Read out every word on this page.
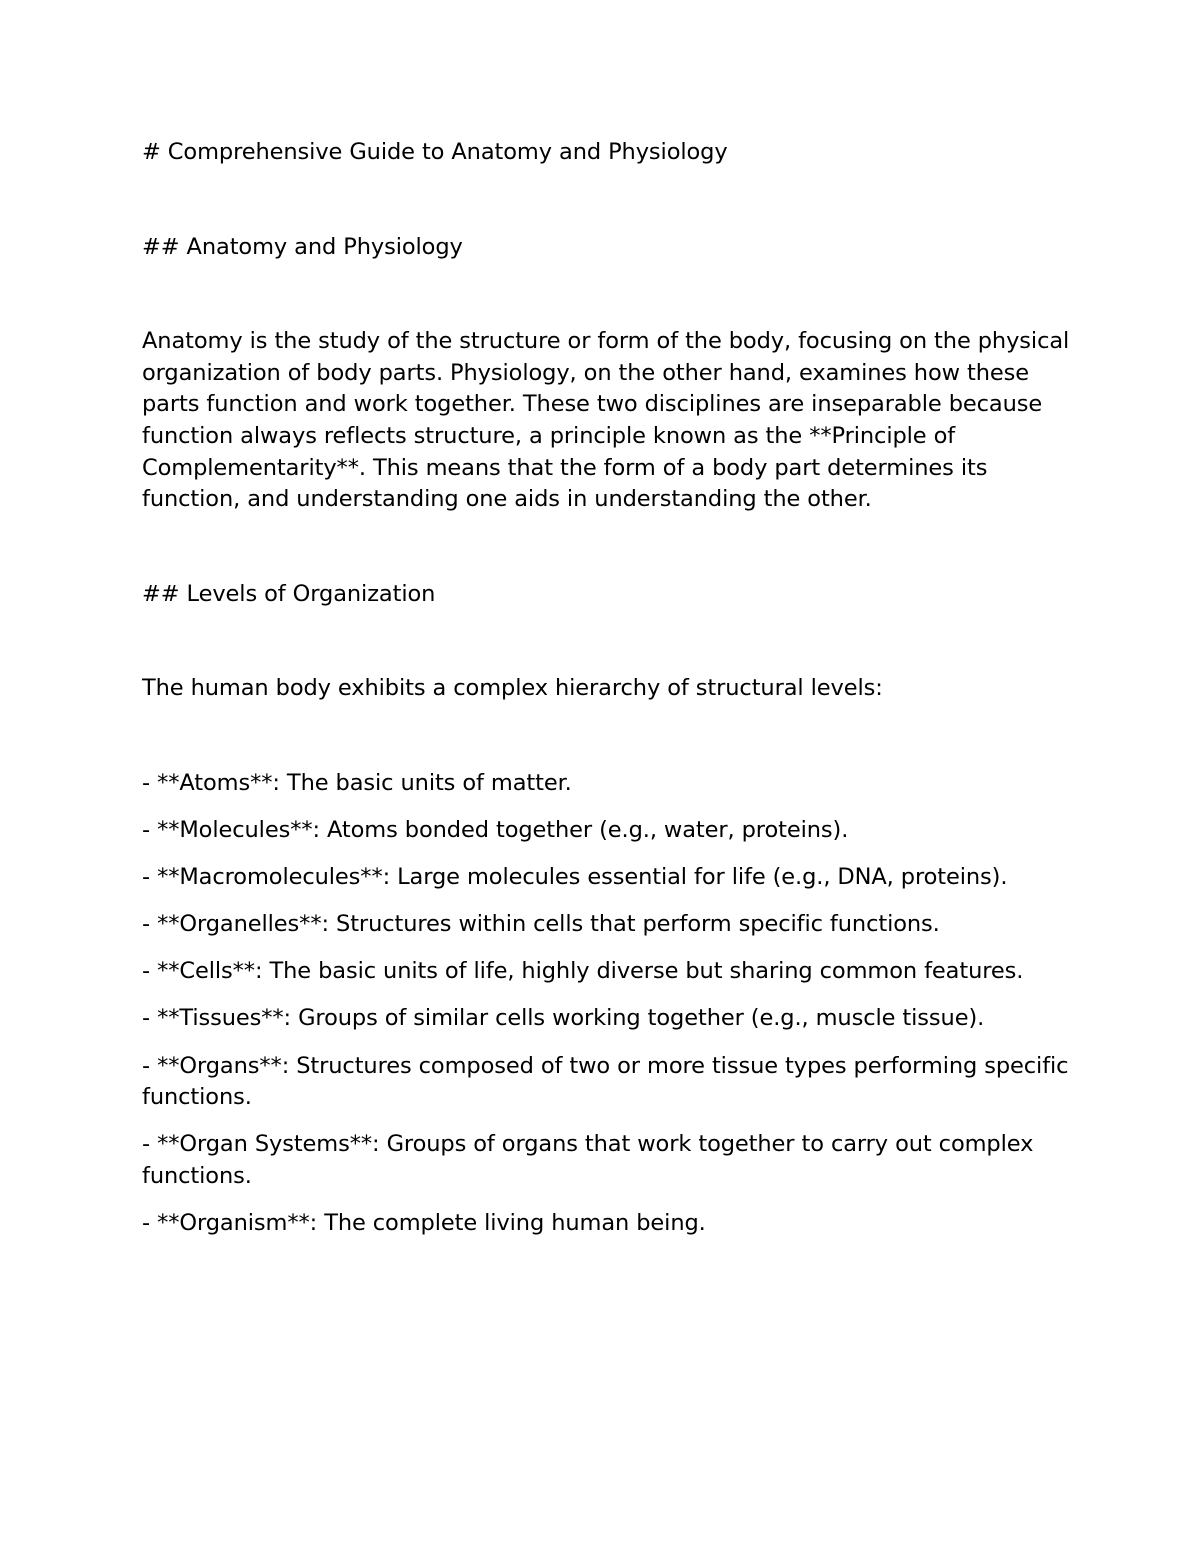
# Comprehensive Guide to Anatomy and Physiology

## Anatomy and Physiology

Anatomy is the study of the structure or form of the body, focusing on the physical organization of body parts. Physiology, on the other hand, examines how these parts function and work together. These two disciplines are inseparable because function always reflects structure, a principle known as the **Principle of Complementarity**. This means that the form of a body part determines its function, and understanding one aids in understanding the other.

## Levels of Organization

The human body exhibits a complex hierarchy of structural levels:

- **Atoms**: The basic units of matter.

- **Molecules**: Atoms bonded together (e.g., water, proteins).

- **Macromolecules**: Large molecules essential for life (e.g., DNA, proteins).

- **Organelles**: Structures within cells that perform specific functions.

- **Cells**: The basic units of life, highly diverse but sharing common features.

- **Tissues**: Groups of similar cells working together (e.g., muscle tissue).

- **Organs**: Structures composed of two or more tissue types performing specific functions.

- **Organ Systems**: Groups of organs that work together to carry out complex functions.

- **Organism**: The complete living human being.
